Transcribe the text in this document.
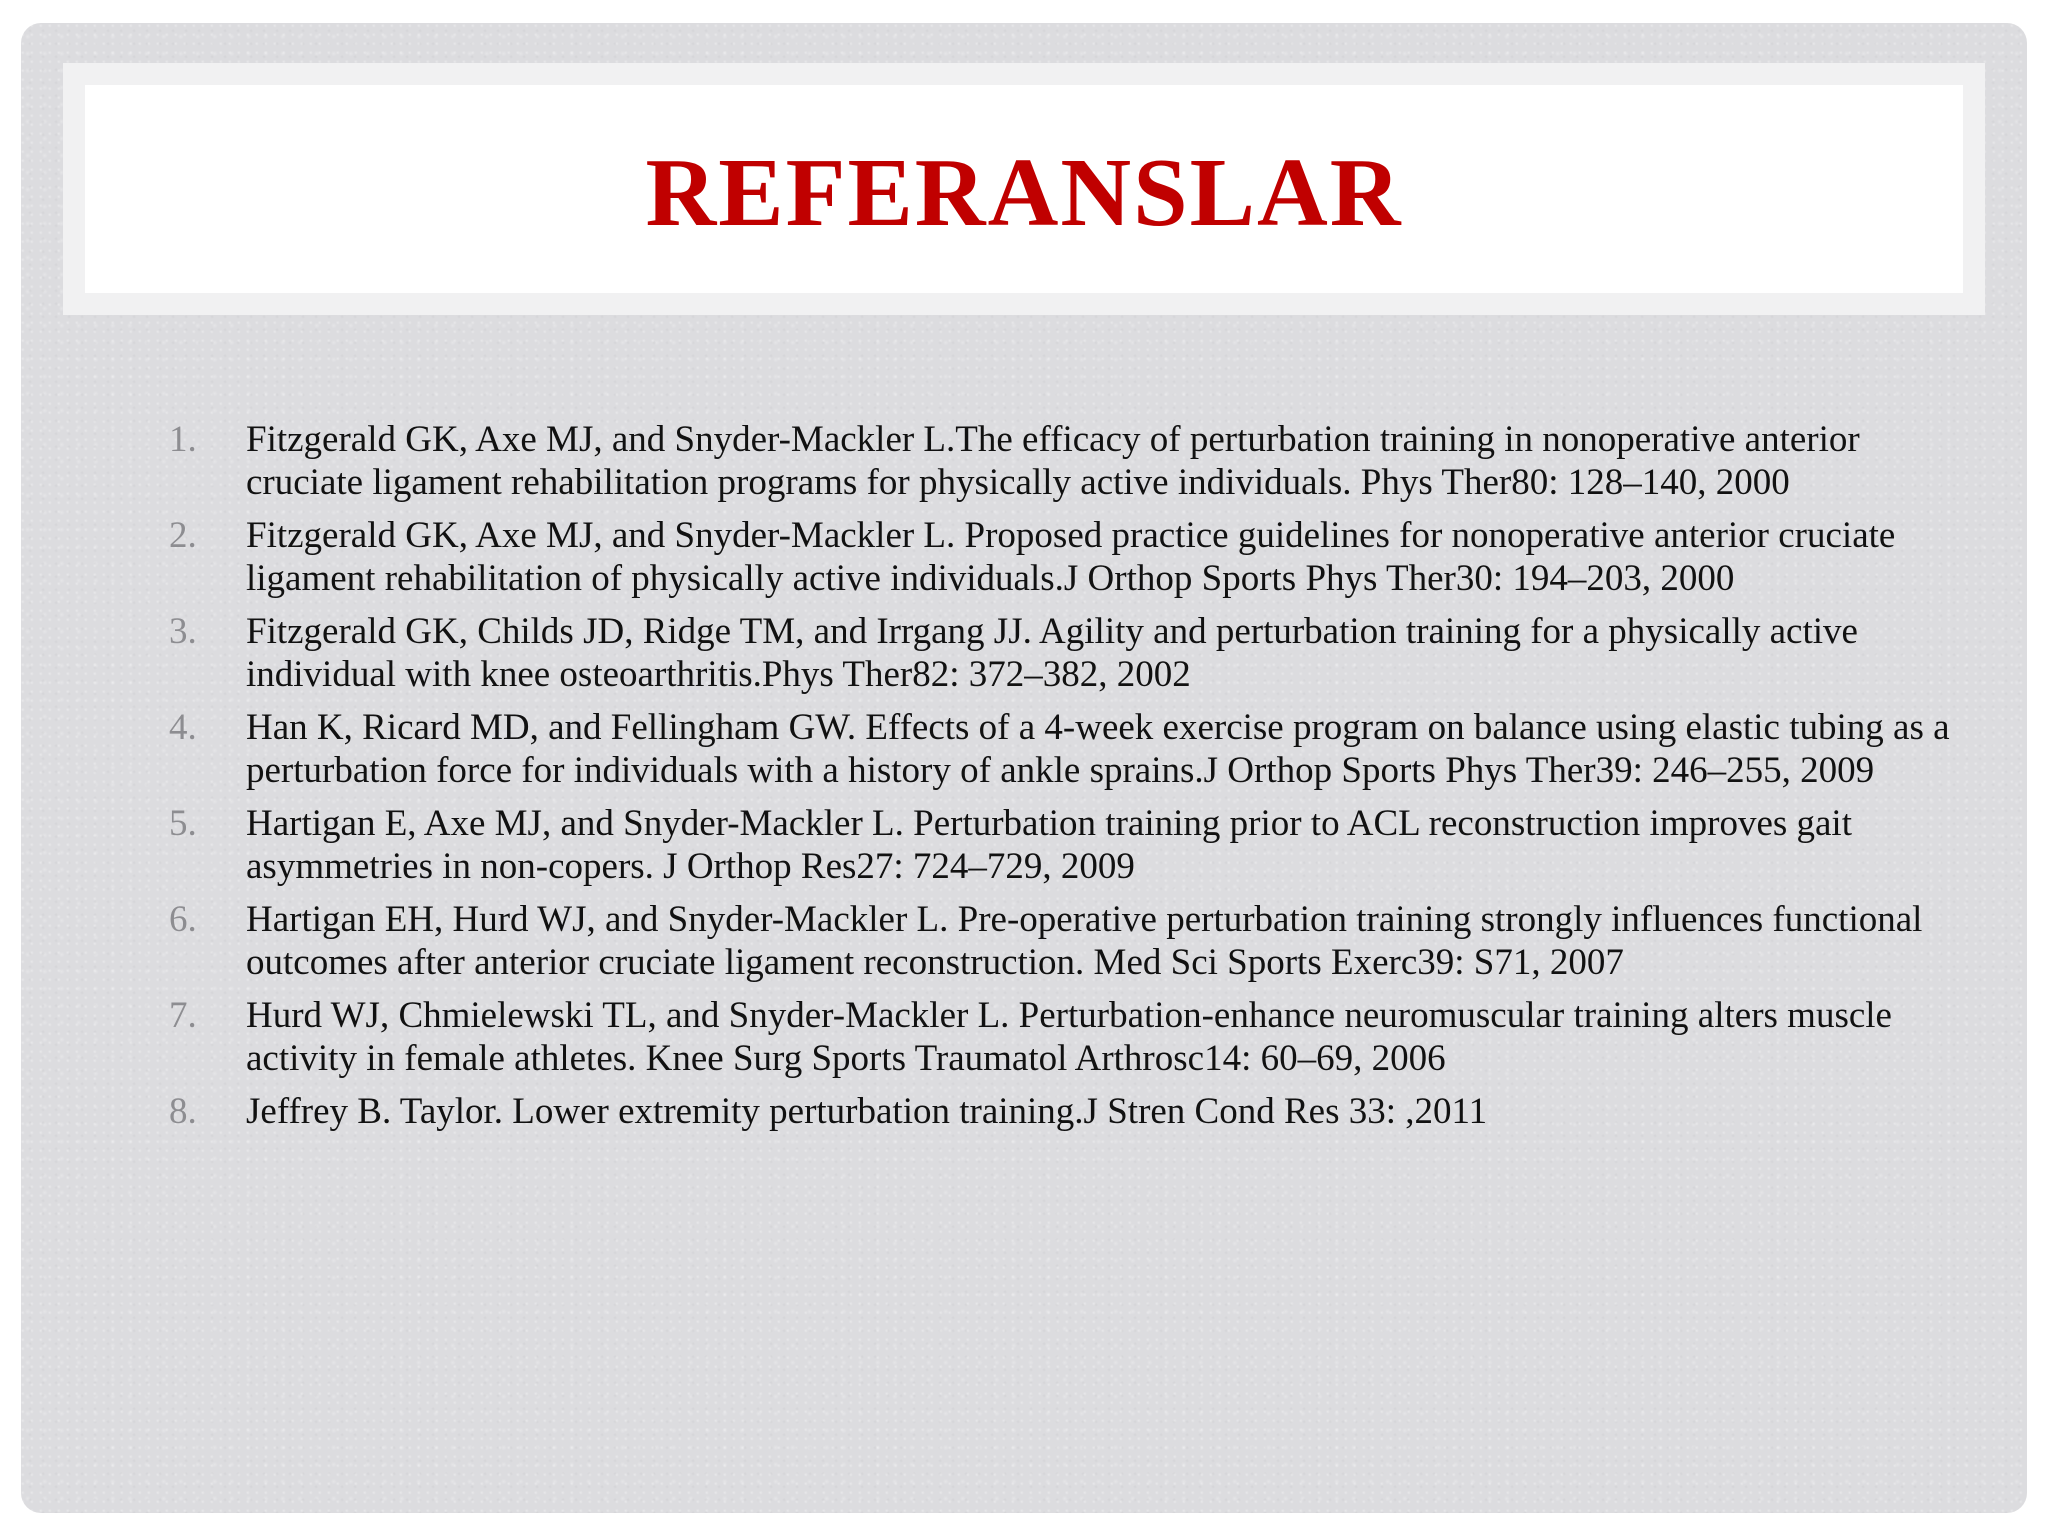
REFERANSLAR
1. Fitzgerald GK, Axe MJ, and Snyder-Mackler L.The efficacy of perturbation training in nonoperative anterior cruciate ligament rehabilitation programs for physically active individuals. Phys Ther80: 128–140, 2000
2. Fitzgerald GK, Axe MJ, and Snyder-Mackler L. Proposed practice guidelines for nonoperative anterior cruciate ligament rehabilitation of physically active individuals.J Orthop Sports Phys Ther30: 194–203, 2000
3. Fitzgerald GK, Childs JD, Ridge TM, and Irrgang JJ. Agility and perturbation training for a physically active individual with knee osteoarthritis.Phys Ther82: 372–382, 2002
4. Han K, Ricard MD, and Fellingham GW. Effects of a 4-week exercise program on balance using elastic tubing as a perturbation force for individuals with a history of ankle sprains.J Orthop Sports Phys Ther39: 246–255, 2009
5. Hartigan E, Axe MJ, and Snyder-Mackler L. Perturbation training prior to ACL reconstruction improves gait asymmetries in non-copers. J Orthop Res27: 724–729, 2009
6. Hartigan EH, Hurd WJ, and Snyder-Mackler L. Pre-operative perturbation training strongly influences functional outcomes after anterior cruciate ligament reconstruction. Med Sci Sports Exerc39: S71, 2007
7. Hurd WJ, Chmielewski TL, and Snyder-Mackler L. Perturbation-enhance neuromuscular training alters muscle activity in female athletes. Knee Surg Sports Traumatol Arthrosc14: 60–69, 2006
8. Jeffrey B. Taylor. Lower extremity perturbation training.J Stren Cond Res 33: ,2011
